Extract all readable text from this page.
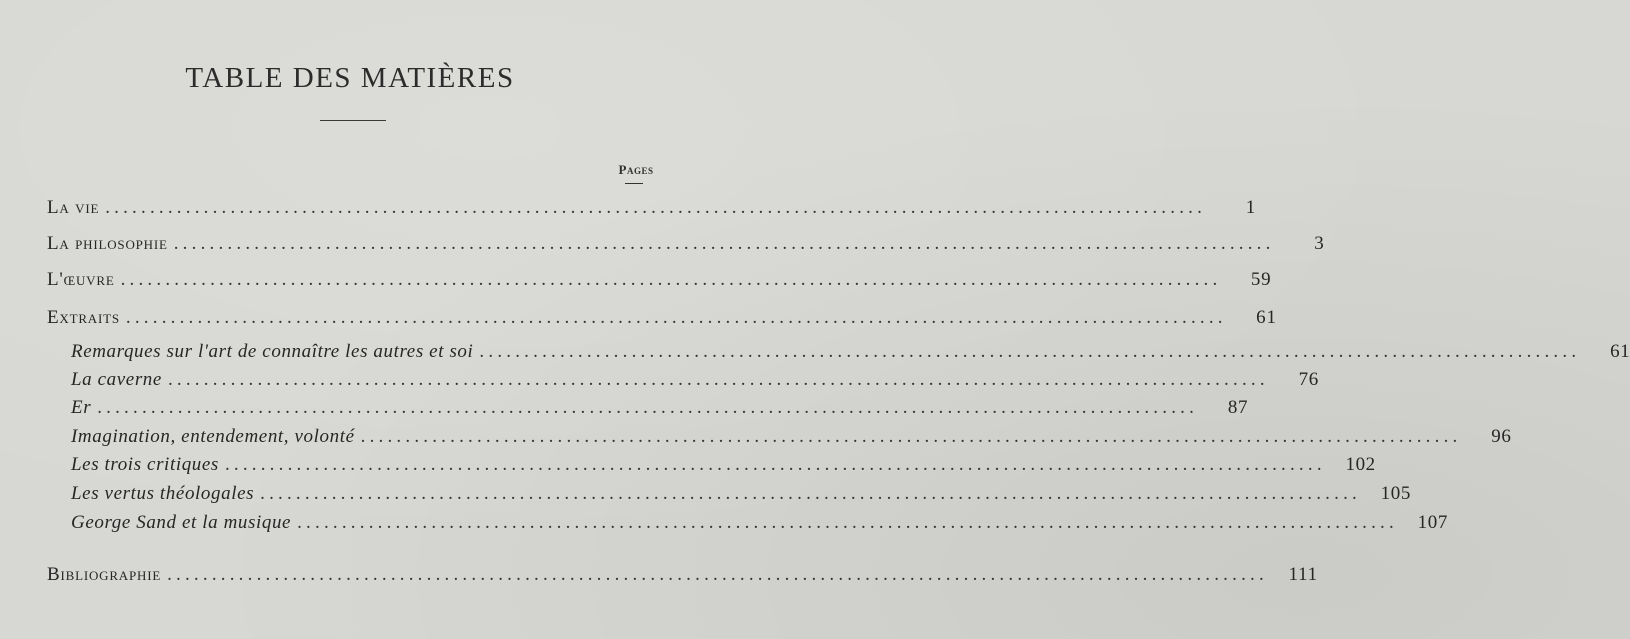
TABLE DES MATIÈRES
Pages
La vie ...........................................................................................................................	1
La philosophie ...........................................................................................................................	3
L'œuvre ...........................................................................................................................	59
Extraits ...........................................................................................................................	61
Remarques sur l'art de connaître les autres et soi ...........................................................................................................................	61
La caverne ...........................................................................................................................	76
Er ...........................................................................................................................	87
Imagination, entendement, volonté ...........................................................................................................................	96
Les trois critiques ...........................................................................................................................	102
Les vertus théologales ...........................................................................................................................	105
George Sand et la musique ...........................................................................................................................	107
Bibliographie ...........................................................................................................................	111
